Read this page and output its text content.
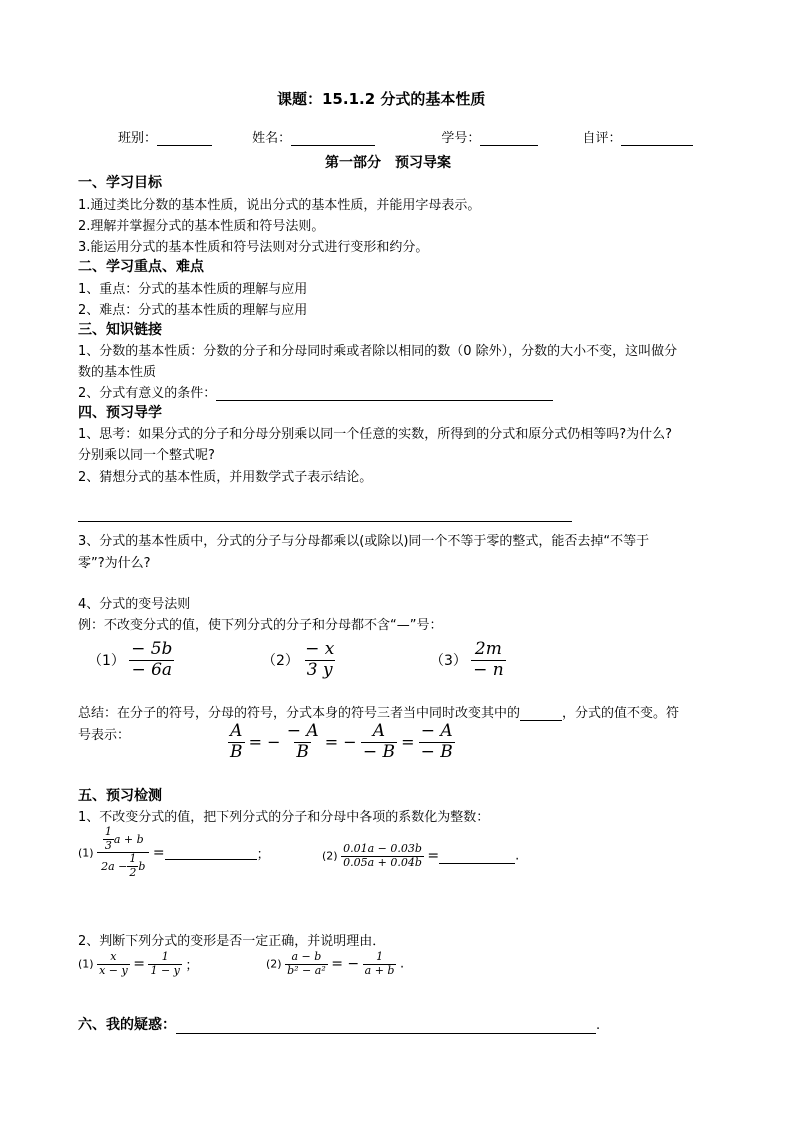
课题：15.1.2 分式的基本性质
班别：	姓名：	学号：	自评：
第一部分　预习导案
一、学习目标
1.通过类比分数的基本性质，说出分式的基本性质，并能用字母表示。
2.理解并掌握分式的基本性质和符号法则。
3.能运用分式的基本性质和符号法则对分式进行变形和约分。
二、学习重点、难点
1、重点：分式的基本性质的理解与应用
2、难点：分式的基本性质的理解与应用
三、知识链接
1、分数的基本性质：分数的分子和分母同时乘或者除以相同的数（0 除外），分数的大小不变，这叫做分
数的基本性质
2、分式有意义的条件：
四、预习导学
1、思考：如果分式的分子和分母分别乘以同一个任意的实数，所得到的分式和原分式仍相等吗?为什么?
分别乘以同一个整式呢?
2、猜想分式的基本性质，并用数学式子表示结论。
3、分式的基本性质中，分式的分子与分母都乘以(或除以)同一个不等于零的整式，能否去掉“不等于
零”?为什么?
4、分式的变号法则
例：不改变分式的值，使下列分式的分子和分母都不含“—”号：
$(1) \frac{- 5b}{- 6a}$	$(2) \frac{- x}{3 y}$	$(3) \frac{2m}{- n}$
总结：在分子的符号，分母的符号，分式本身的符号三者当中同时改变其中的	，分式的值不变。符
号表示：	$\frac{A}{B}$ = − $\frac{- A}{B}$ = − $\frac{A}{- B} = \frac{- A}{- B}$
五、预习检测
1、不改变分式的值，把下列分式的分子和分母中各项的系数化为整数：
$(1) \frac{\frac{1}{3} a + b}{2a - \frac{1}{2} b}$ =	；	$(2) \frac{0.01a - 0.03b}{0.05a + 0.04b}$ =	.
2、判断下列分式的变形是否一定正确，并说明理由．
$(1) \frac{x}{x - y} = \frac{1}{1 - y}$ ；	$(2) \frac{a - b}{\text{b² − a²}}$ = − $\frac{1}{a + b}$ .
六、我的疑惑：	.
